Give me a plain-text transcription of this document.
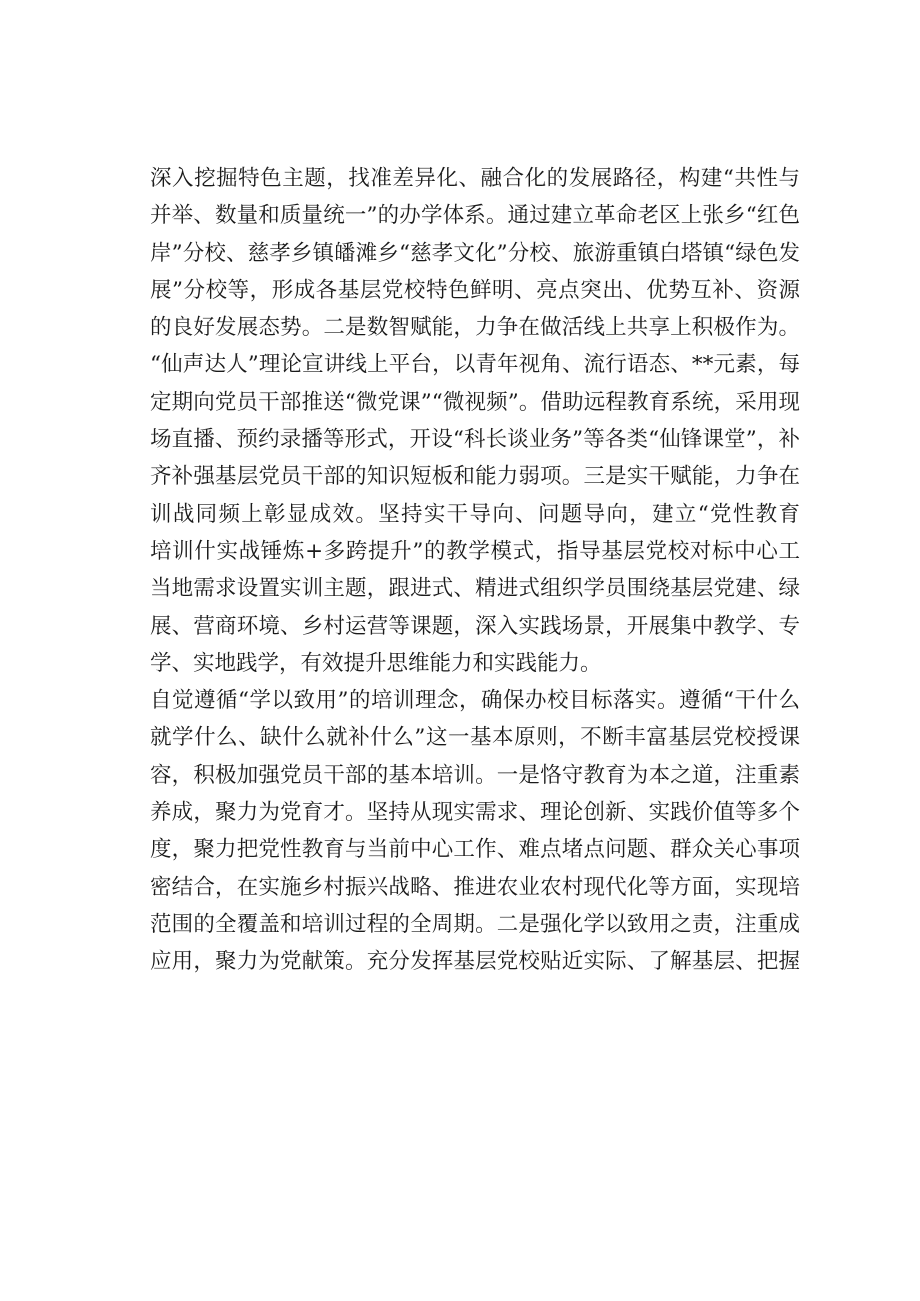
深入挖掘特色主题，找准差异化、融合化的发展路径，构建“共性与
并举、数量和质量统一”的办学体系。通过建立革命老区上张乡“红色
岸”分校、慈孝乡镇皤滩乡“慈孝文化”分校、旅游重镇白塔镇“绿色发
展”分校等，形成各基层党校特色鲜明、亮点突出、优势互补、资源
的良好发展态势。二是数智赋能，力争在做活线上共享上积极作为。
“仙声达人”理论宣讲线上平台，以青年视角、流行语态、**元素，每
定期向党员干部推送“微党课”“微视频”。借助远程教育系统，采用现
场直播、预约录播等形式，开设“科长谈业务”等各类“仙锋课堂”，补
齐补强基层党员干部的知识短板和能力弱项。三是实干赋能，力争在
训战同频上彰显成效。坚持实干导向、问题导向，建立“党性教育
培训什实战锤炼+多跨提升”的教学模式，指导基层党校对标中心工
当地需求设置实训主题，跟进式、精进式组织学员围绕基层党建、绿
展、营商环境、乡村运营等课题，深入实践场景，开展集中教学、专
学、实地践学，有效提升思维能力和实践能力。
自觉遵循“学以致用”的培训理念，确保办校目标落实。遵循“干什么
就学什么、缺什么就补什么”这一基本原则，不断丰富基层党校授课
容，积极加强党员干部的基本培训。一是恪守教育为本之道，注重素
养成，聚力为党育才。坚持从现实需求、理论创新、实践价值等多个
度，聚力把党性教育与当前中心工作、难点堵点问题、群众关心事项
密结合，在实施乡村振兴战略、推进农业农村现代化等方面，实现培
范围的全覆盖和培训过程的全周期。二是强化学以致用之责，注重成
应用，聚力为党献策。充分发挥基层党校贴近实际、了解基层、把握
